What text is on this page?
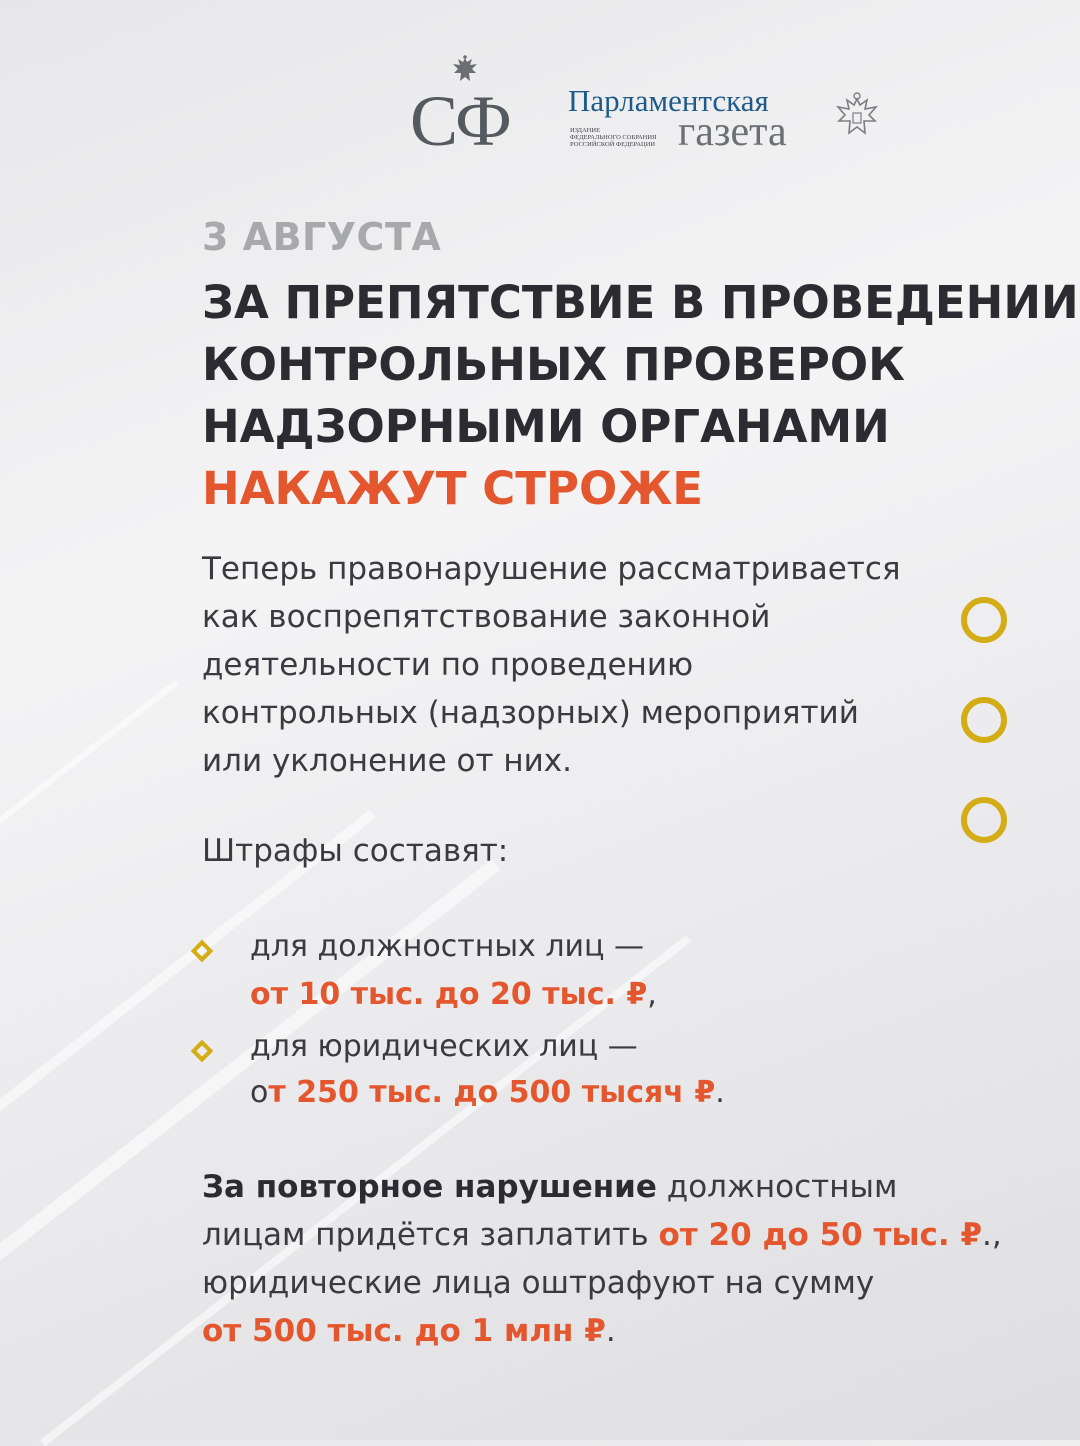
СФ Парламентская
ИЗДАНИЕ
ФЕДЕРАЛЬНОГО СОБРАНИЯ
РОССИЙСКОЙ ФЕДЕРАЦИИ газета
3 АВГУСТА
ЗА ПРЕПЯТСТВИЕ В ПРОВЕДЕНИИ
КОНТРОЛЬНЫХ ПРОВЕРОК
НАДЗОРНЫМИ ОРГАНАМИ
НАКАЖУТ СТРОЖЕ
Теперь правонарушение рассматривается
как воспрепятствование законной
деятельности по проведению
контрольных (надзорных) мероприятий
или уклонение от них.
Штрафы составят:
для должностных лиц —
от 10 тыс. до 20 тыс. ₽,
для юридических лиц —
от 250 тыс. до 500 тысяч ₽.
За повторное нарушение должностным
лицам придётся заплатить от 20 до 50 тыс. ₽.,
юридические лица оштрафуют на сумму
от 500 тыс. до 1 млн ₽.
